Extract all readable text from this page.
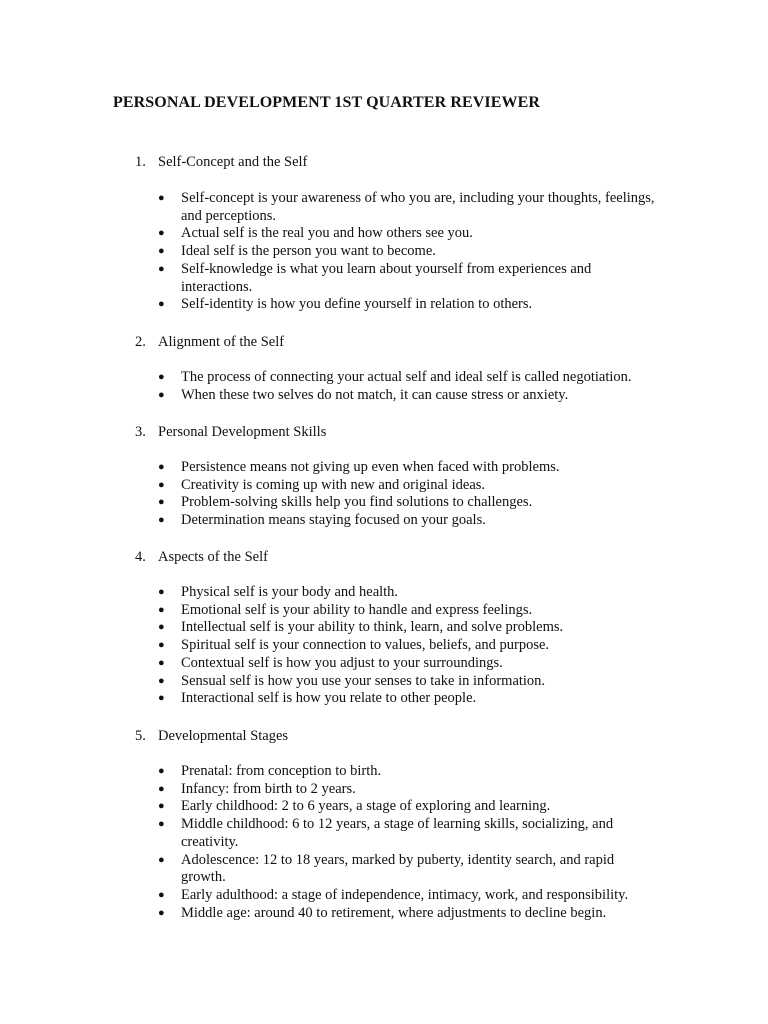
PERSONAL DEVELOPMENT 1ST QUARTER REVIEWER
1. Self-Concept and the Self
● Self-concept is your awareness of who you are, including your thoughts, feelings, and perceptions.
● Actual self is the real you and how others see you.
● Ideal self is the person you want to become.
● Self-knowledge is what you learn about yourself from experiences and interactions.
● Self-identity is how you define yourself in relation to others.
2. Alignment of the Self
● The process of connecting your actual self and ideal self is called negotiation.
● When these two selves do not match, it can cause stress or anxiety.
3. Personal Development Skills
● Persistence means not giving up even when faced with problems.
● Creativity is coming up with new and original ideas.
● Problem-solving skills help you find solutions to challenges.
● Determination means staying focused on your goals.
4. Aspects of the Self
● Physical self is your body and health.
● Emotional self is your ability to handle and express feelings.
● Intellectual self is your ability to think, learn, and solve problems.
● Spiritual self is your connection to values, beliefs, and purpose.
● Contextual self is how you adjust to your surroundings.
● Sensual self is how you use your senses to take in information.
● Interactional self is how you relate to other people.
5. Developmental Stages
● Prenatal: from conception to birth.
● Infancy: from birth to 2 years.
● Early childhood: 2 to 6 years, a stage of exploring and learning.
● Middle childhood: 6 to 12 years, a stage of learning skills, socializing, and creativity.
● Adolescence: 12 to 18 years, marked by puberty, identity search, and rapid growth.
● Early adulthood: a stage of independence, intimacy, work, and responsibility.
● Middle age: around 40 to retirement, where adjustments to decline begin.
